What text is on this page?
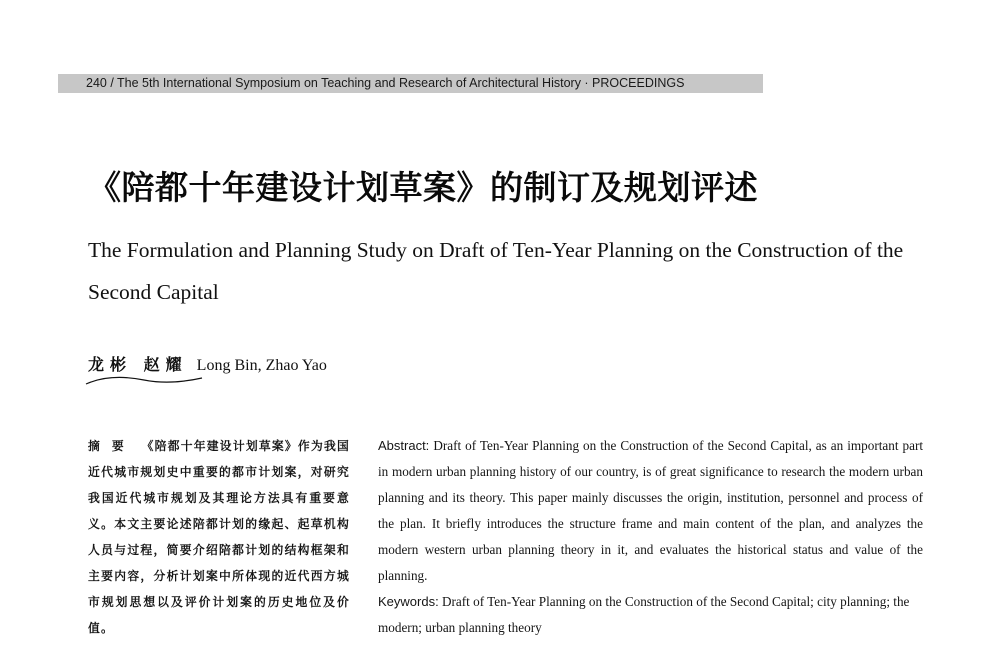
240 / The 5th International Symposium on Teaching and Research of Architectural History · PROCEEDINGS
《陪都十年建设计划草案》的制订及规划评述
The Formulation and Planning Study on Draft of Ten-Year Planning on the Construction of the Second Capital
龙彬 赵耀 Long Bin, Zhao Yao
摘要 《陪都十年建设计划草案》作为我国近代城市规划史中重要的都市计划案，对研究我国近代城市规划及其理论方法具有重要意义。本文主要论述陪都计划的缘起、起草机构人员与过程，简要介绍陪都计划的结构框架和主要内容，分析计划案中所体现的近代西方城市规划思想以及评价计划案的历史地位及价值。
Abstract: Draft of Ten-Year Planning on the Construction of the Second Capital, as an important part in modern urban planning history of our country, is of great significance to research the modern urban planning and its theory. This paper mainly discusses the origin, institution, personnel and process of the plan. It briefly introduces the structure frame and main content of the plan, and analyzes the modern western urban planning theory in it, and evaluates the historical status and value of the planning.
Keywords: Draft of Ten-Year Planning on the Construction of the Second Capital; city planning; the modern; urban planning theory
